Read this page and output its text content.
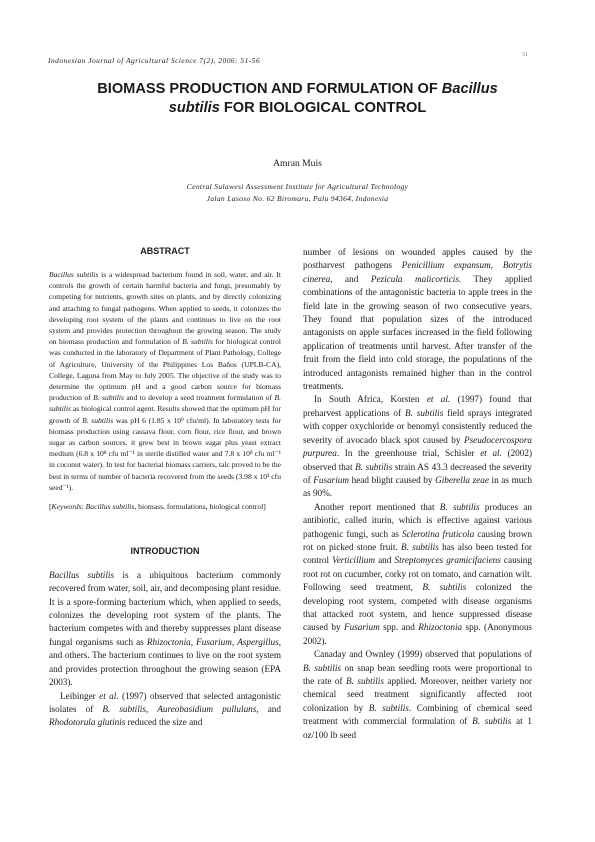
Indonesian Journal of Agricultural Science 7(2), 2006: 51-56
51
BIOMASS PRODUCTION AND FORMULATION OF Bacillus
subtilis FOR BIOLOGICAL CONTROL
Amran Muis
Central Sulawesi Assessment Institute for Agricultural Technology
Jalan Lasoso No. 62 Biromaru, Palu 94364, Indonesia
ABSTRACT

Bacillus subtilis is a widespread bacterium found in soil, water, and air. It controls the growth of certain harmful bacteria and fungi, presumably by competing for nutrients, growth sites on plants, and by directly colonizing and attaching to fungal pathogens. When applied to seeds, it colonizes the developing root system of the plants and continues to live on the root system and provides protection throughout the growing season. The study on biomass production and formulation of B. subtilis for biological control was conducted in the laboratory of Department of Plant Pathology, College of Agriculture, University of the Philippines Los Baños (UPLB-CA), College, Laguna from May to July 2005. The objective of the study was to determine the optimum pH and a good carbon source for biomass production of B. subtilis and to develop a seed treatment formulation of B. subtilis as biological control agent. Results showed that the optimum pH for growth of B. subtilis was pH 6 (1.85 x 10⁹ cfu/ml). In laboratory tests for biomass production using cassava flour, corn flour, rice flour, and brown sugar as carbon sources, it grew best in brown sugar plus yeast extract medium (6.8 x 10⁸ cfu ml⁻¹ in sterile distilled water and 7.8 x 10⁸ cfu ml⁻¹ in coconut water). In test for bacterial biomass carriers, talc proved to be the best in terms of number of bacteria recovered from the seeds (3.98 x 10³ cfu seed⁻¹).

[Keywords: Bacillus subtilis, biomass, formulations, biological control]

INTRODUCTION

Bacillus subtilis is a ubiquitous bacterium commonly recovered from water, soil, air, and decomposing plant residue. It is a spore-forming bacterium which, when applied to seeds, colonizes the developing root system of the plants. The bacterium competes with and thereby suppresses plant disease fungal organisms such as Rhizoctonia, Fusarium, Aspergillus, and others. The bacterium continues to live on the root system and provides protection throughout the growing season (EPA 2003).

Leibinger et al. (1997) observed that selected antagonistic isolates of B. subtilis, Aureobasidium pullulans, and Rhodotorula glutinis reduced the size and

number of lesions on wounded apples caused by the postharvest pathogens Penicillium expansum, Botrytis cinerea, and Pezicula malicorticis. They applied combinations of the antagonistic bacteria to apple trees in the field late in the growing season of two consecutive years. They found that population sizes of the introduced antagonists on apple surfaces increased in the field following application of treatments until harvest. After transfer of the fruit from the field into cold storage, the populations of the introduced antagonists remained higher than in the control treatments.

In South Africa, Korsten et al. (1997) found that preharvest applications of B. subtilis field sprays integrated with copper oxychloride or benomyl consistently reduced the severity of avocado black spot caused by Pseudocercospora purpurea. In the greenhouse trial, Schisler et al. (2002) observed that B. subtilis strain AS 43.3 decreased the severity of Fusarium head blight caused by Giberella zeae in as much as 90%.

Another report mentioned that B. subtilis produces an antibiotic, called iturin, which is effective against various pathogenic fungi, such as Sclerotina fruticola causing brown rot on picked stone fruit. B. subtilis has also been tested for control Verticillium and Streptomyces gramicifaciens causing root rot on cucumber, corky rot on tomato, and carnation wilt. Following seed treatment, B. subtilis colonized the developing root system, competed with disease organisms that attacked root system, and hence suppressed disease caused by Fusarium spp. and Rhizoctonia spp. (Anonymous 2002).

Canaday and Ownley (1999) observed that populations of B. subtilis on snap bean seedling roots were proportional to the rate of B. subtilis applied. Moreover, neither variety nor chemical seed treatment significantly affected root colonization by B. subtilis. Combining of chemical seed treatment with commercial formulation of B. subtilis at 1 oz/100 lb seed
